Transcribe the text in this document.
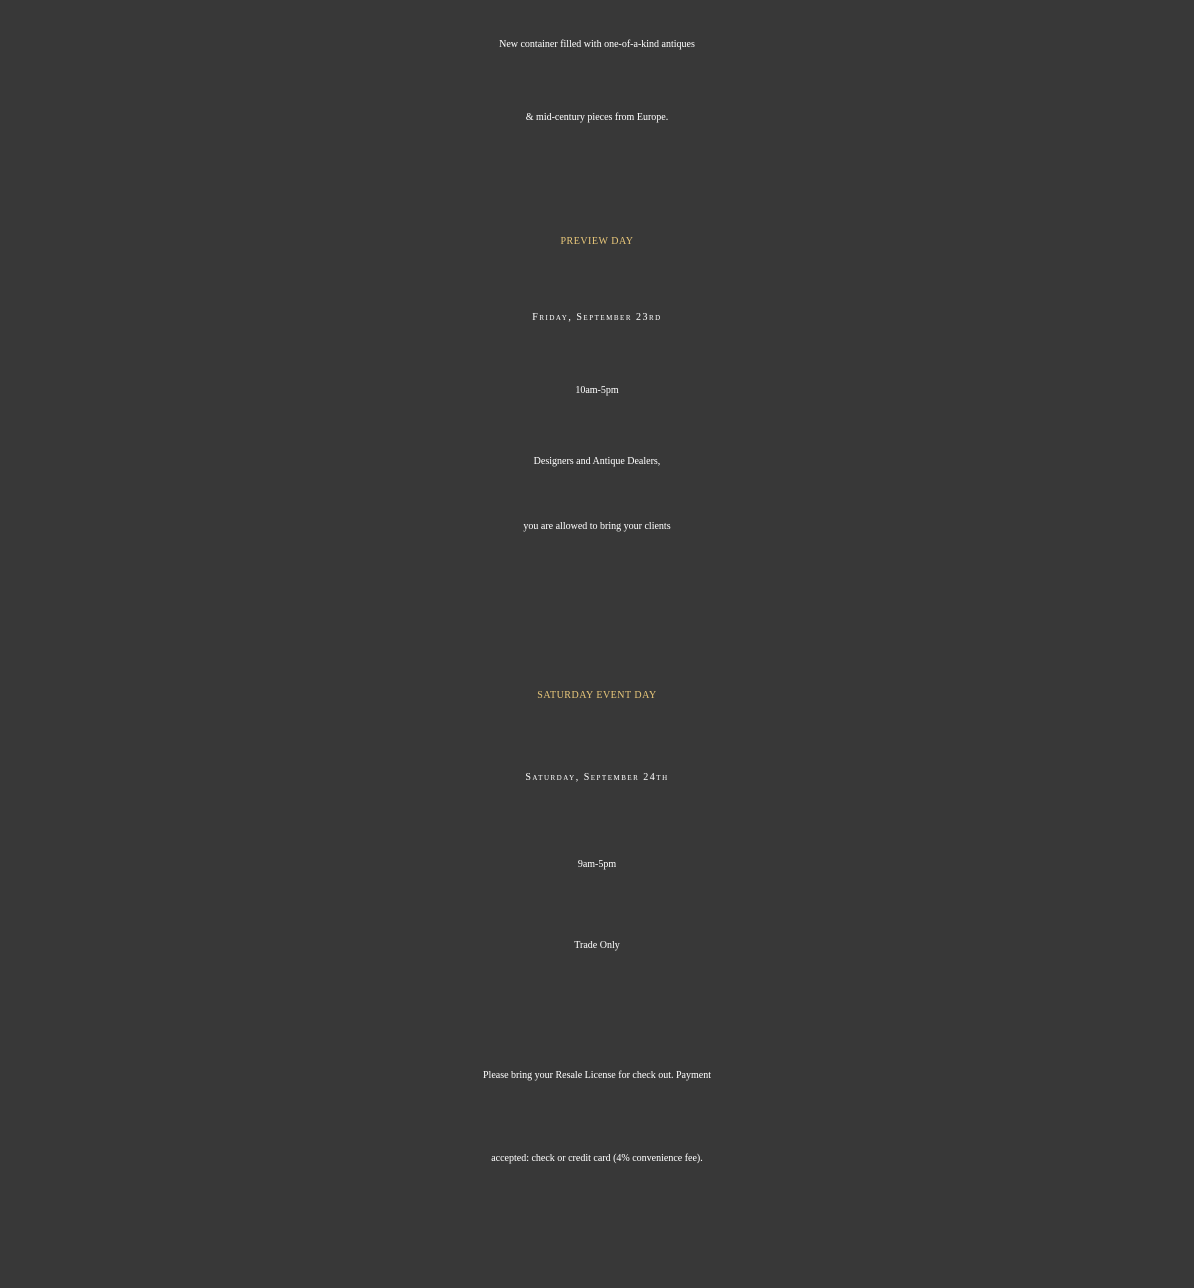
New container filled with one-of-a-kind antiques
& mid-century pieces from Europe.
PREVIEW DAY
Friday, September 23rd
10am-5pm
Designers and Antique Dealers,
you are allowed to bring your clients
SATURDAY EVENT DAY
Saturday, September 24th
9am-5pm
Trade Only
Please bring your Resale License for check out. Payment
accepted: check or credit card (4% convenience fee).
